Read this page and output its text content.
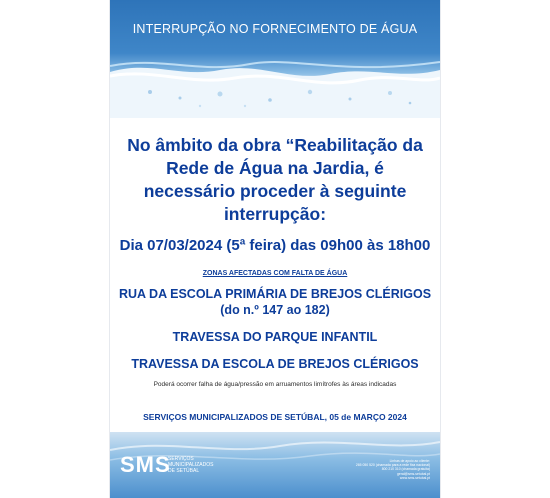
INTERRUPÇÃO NO FORNECIMENTO DE ÁGUA
No âmbito da obra “Reabilitação da Rede de Água na Jardia, é necessário proceder à seguinte interrupção:
Dia 07/03/2024 (5ª feira) das 09h00 às 18h00
ZONAS AFECTADAS COM FALTA DE ÁGUA
RUA DA ESCOLA PRIMÁRIA DE BREJOS CLÉRIGOS
(do n.º 147 ao 182)
TRAVESSA DO PARQUE INFANTIL
TRAVESSA DA ESCOLA DE BREJOS CLÉRIGOS
Poderá ocorrer falha de água/pressão em arruamentos limítrofes às áreas indicadas
SERVIÇOS MUNICIPALIZADOS DE SETÚBAL, 05 de MARÇO 2024
SMS
SERVIÇOS
MUNICIPALIZADOS
DE SETÚBAL
Linhas de apoio ao cliente:
265 050 520 (chamada para a rede fixa nacional)
800 210 310 (chamada gratuita)
geral@sms-setubal.pt
www.sms-setubal.pt
